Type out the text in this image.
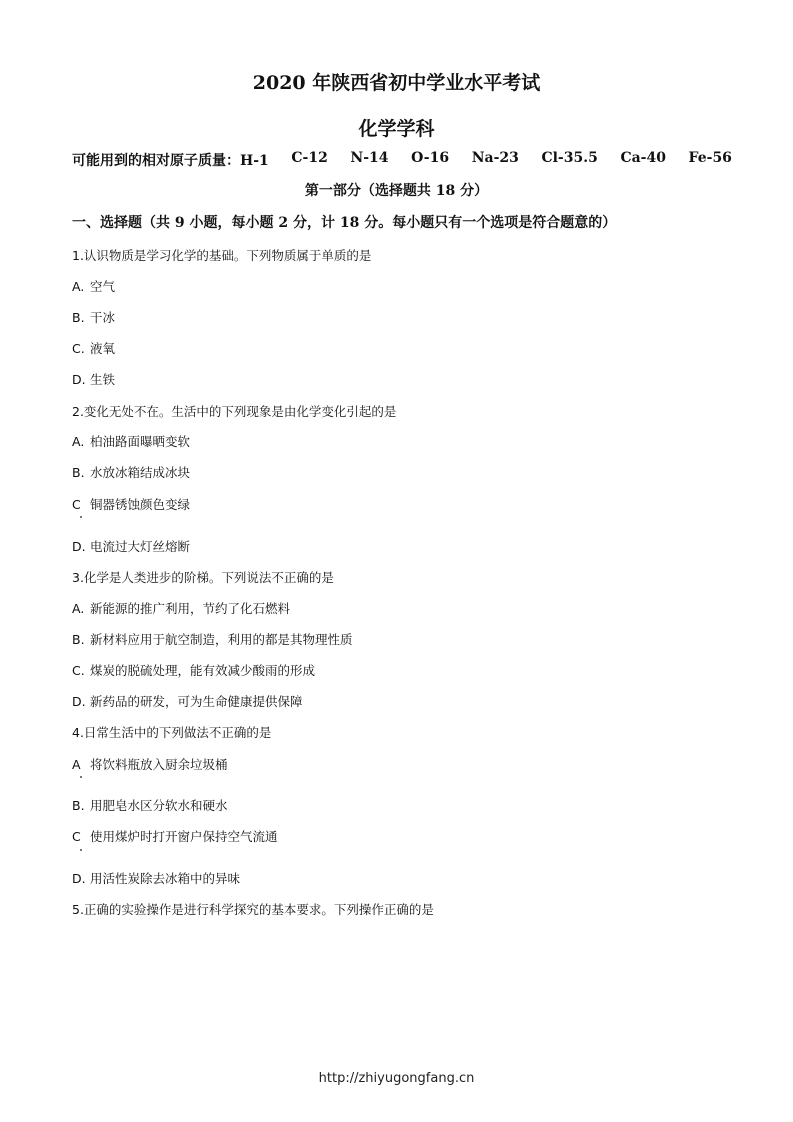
2020 年陕西省初中学业水平考试
化学学科
可能用到的相对原子质量：H-1 C-12 N-14 O-16 Na-23 Cl-35.5 Ca-40 Fe-56
第一部分（选择题共 18 分）
一、选择题（共 9 小题，每小题 2 分，计 18 分。每小题只有一个选项是符合题意的）
1.认识物质是学习化学的基础。下列物质属于单质的是
A. 空气
B. 干冰
C. 液氧
D. 生铁
2.变化无处不在。生活中的下列现象是由化学变化引起的是
A. 柏油路面曝晒变软
B. 水放冰箱结成冰块
C 铜器锈蚀颜色变绿
D. 电流过大灯丝熔断
3.化学是人类进步的阶梯。下列说法不正确的是
A. 新能源的推广利用，节约了化石燃料
B. 新材料应用于航空制造，利用的都是其物理性质
C. 煤炭的脱硫处理，能有效减少酸雨的形成
D. 新药品的研发，可为生命健康提供保障
4.日常生活中的下列做法不正确的是
A 将饮料瓶放入厨余垃圾桶
B. 用肥皂水区分软水和硬水
C 使用煤炉时打开窗户保持空气流通
D. 用活性炭除去冰箱中的异味
5.正确的实验操作是进行科学探究的基本要求。下列操作正确的是
http://zhiyugongfang.cn
